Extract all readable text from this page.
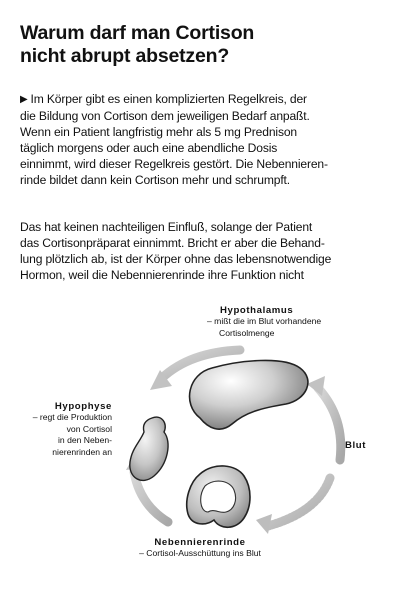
Warum darf man Cortison
nicht abrupt absetzen?
▶ Im Körper gibt es einen komplizierten Regelkreis, der
die Bildung von Cortison dem jeweiligen Bedarf anpaßt.
Wenn ein Patient langfristig mehr als 5 mg Prednison
täglich morgens oder auch eine abendliche Dosis
einnimmt, wird dieser Regelkreis gestört. Die Nebennieren-
rinde bildet dann kein Cortison mehr und schrumpft.
Das hat keinen nachteiligen Einfluß, solange der Patient
das Cortisonpräparat einnimmt. Bricht er aber die Behand-
lung plötzlich ab, ist der Körper ohne das lebensnotwendige
Hormon, weil die Nebennierenrinde ihre Funktion nicht
Hypothalamus
– mißt die im Blut vorhandene
Cortisolmenge
Hypophyse
– regt die Produktion
von Cortisol
in den Neben-
nierenrinden an
Blut
Nebennierenrinde
– Cortisol-Ausschüttung ins Blut
